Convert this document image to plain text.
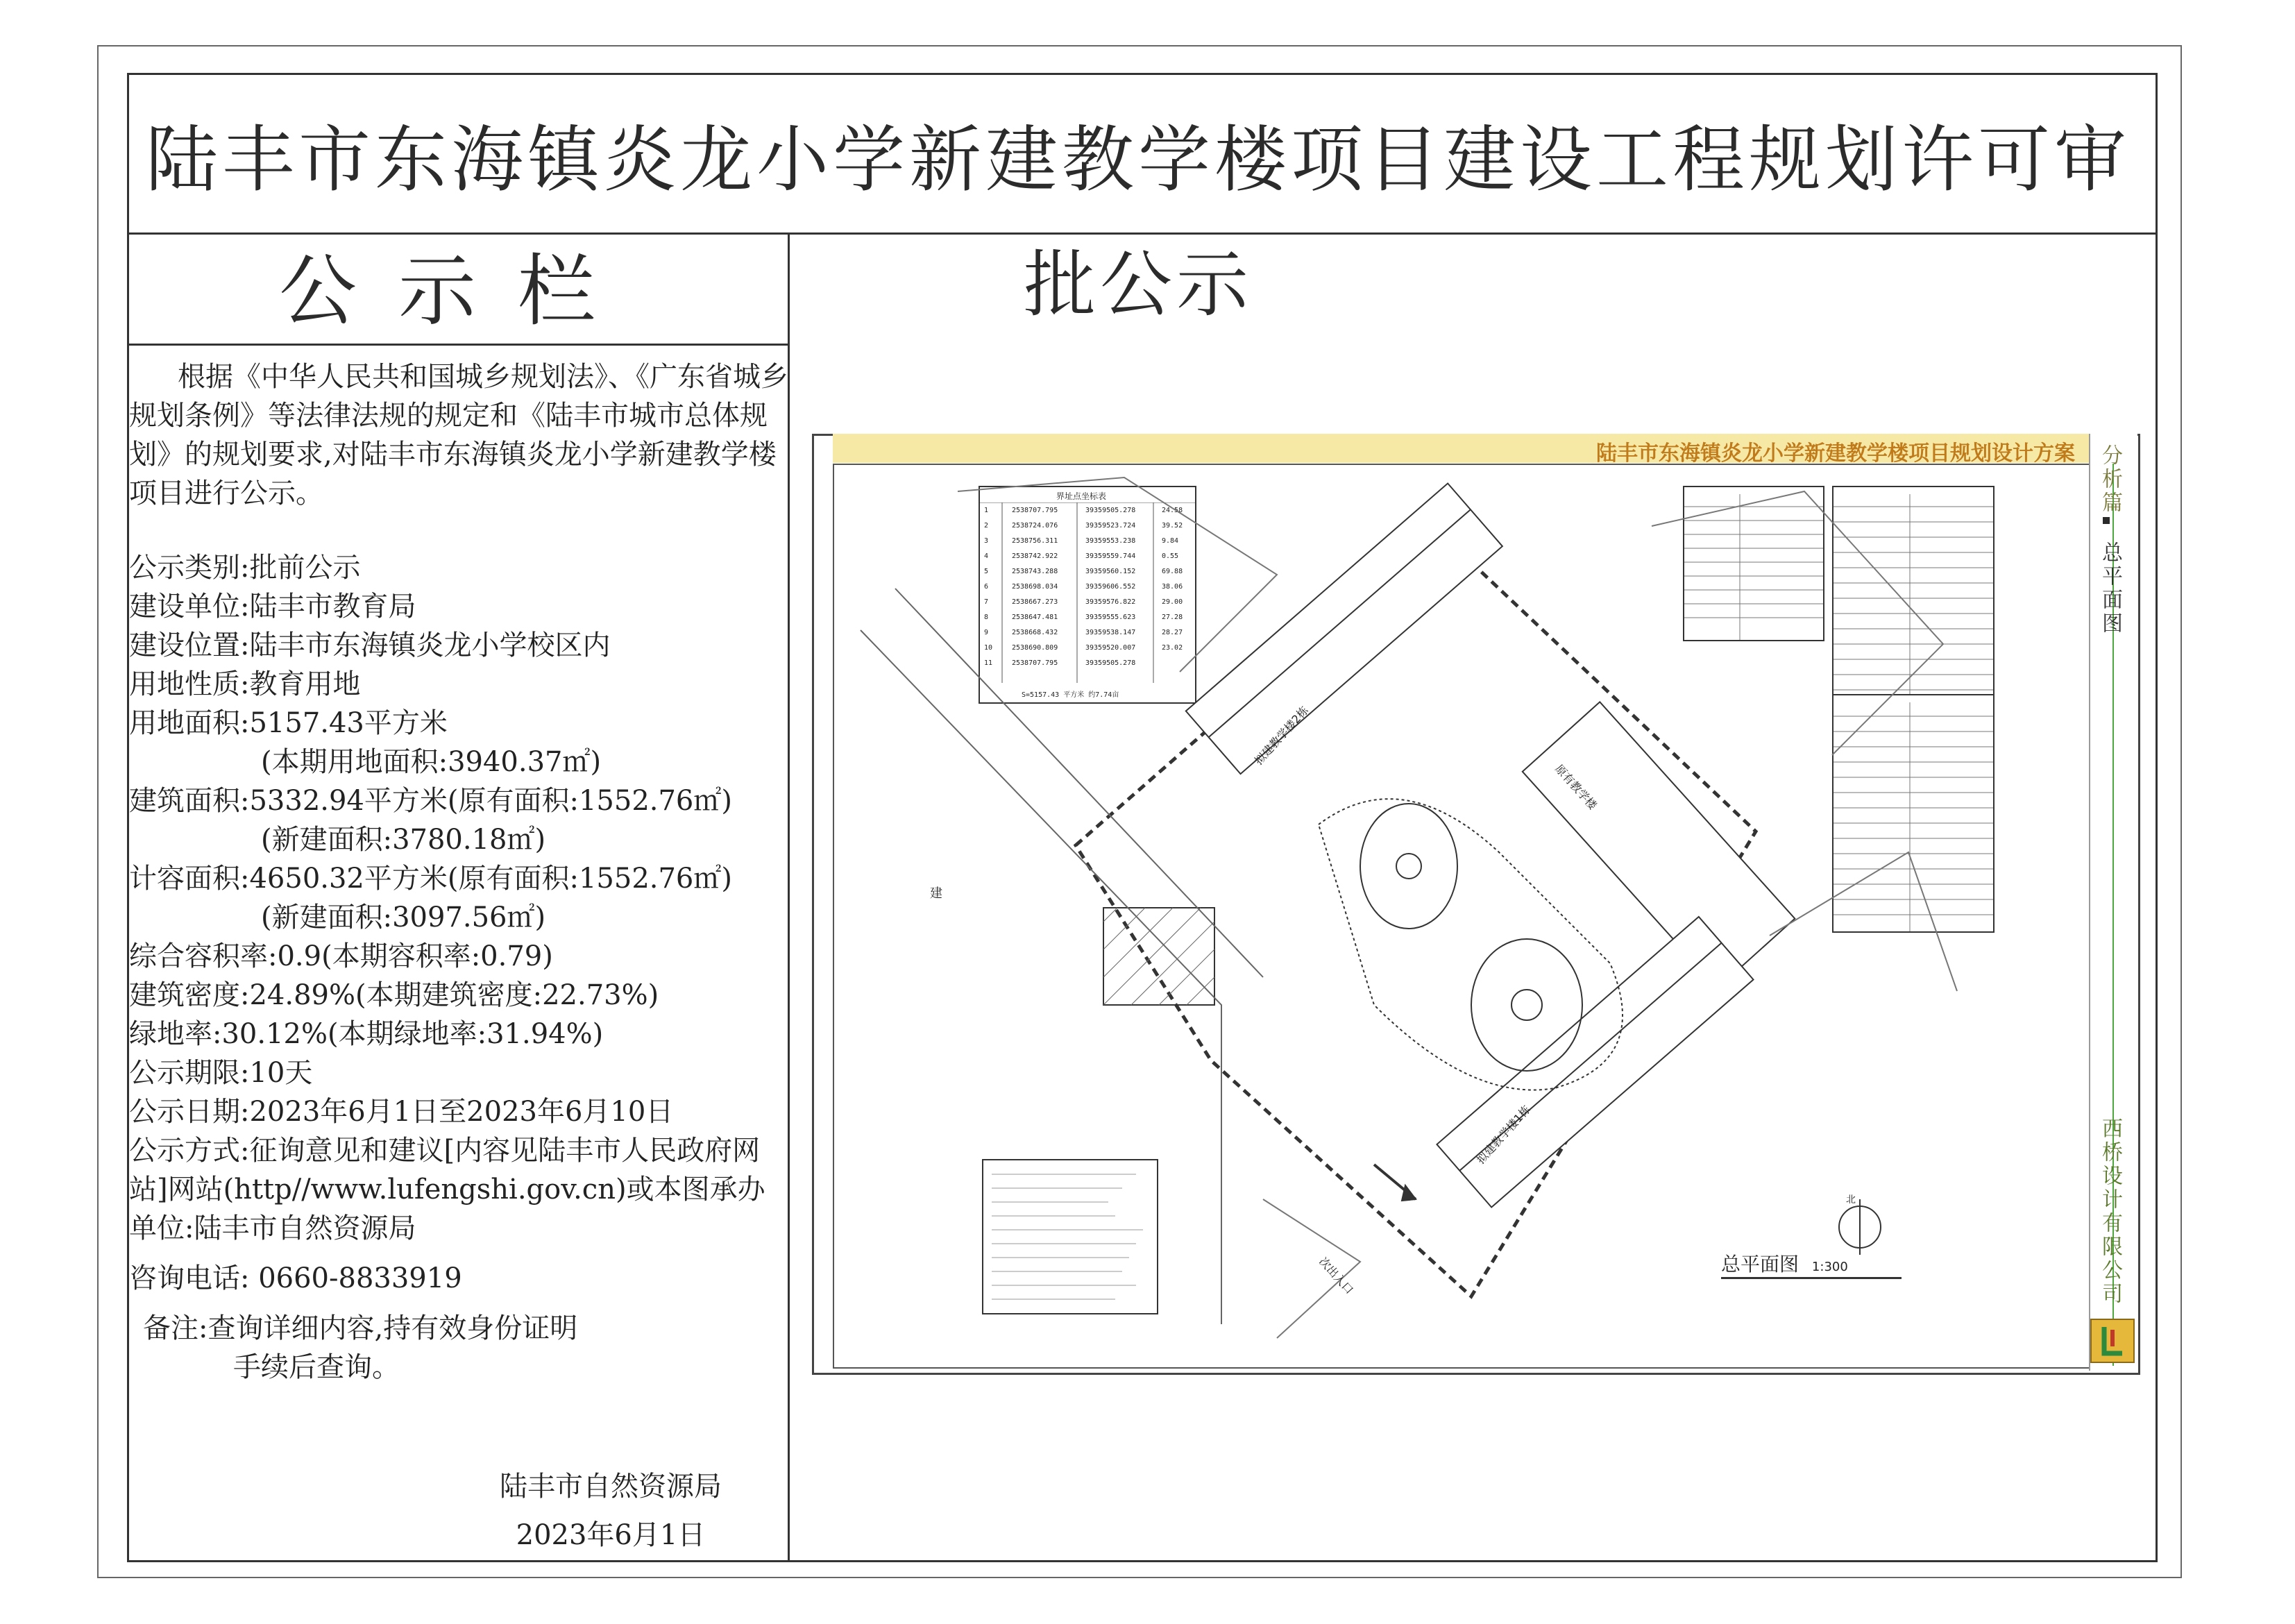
陆丰市东海镇炎龙小学新建教学楼项目建设工程规划许可审批公示
公示栏
根据《中华人民共和国城乡规划法》、《广东省城乡规划条例》等法律法规的规定和《陆丰市城市总体规划》的规划要求,对陆丰市东海镇炎龙小学新建教学楼项目进行公示。
公示类别:批前公示
建设单位:陆丰市教育局
建设位置:陆丰市东海镇炎龙小学校区内
用地性质:教育用地
用地面积:5157.43平方米
(本期用地面积:3940.37㎡)
建筑面积:5332.94平方米(原有面积:1552.76㎡)
(新建面积:3780.18㎡)
计容面积:4650.32平方米(原有面积:1552.76㎡)
(新建面积:3097.56㎡)
综合容积率:0.9(本期容积率:0.79)
建筑密度:24.89%(本期建筑密度:22.73%)
绿地率:30.12%(本期绿地率:31.94%)
公示期限:10天
公示日期:2023年6月1日至2023年6月10日
公示方式:征询意见和建议[内容见陆丰市人民政府网站]网站(http//www.lufengshi.gov.cn)或本图承办单位:陆丰市自然资源局
咨询电话: 0660-8833919
备注:查询详细内容,持有效身份证明
手续后查询。
陆丰市自然资源局
2023年6月1日
陆丰市东海镇炎龙小学新建教学楼项目规划设计方案 分析篇
总平面图
西桥设计有限公司
界址点坐标表
1	2538707.795	39359505.278	24.58
2	2538724.076	39359523.724	39.52
3	2538756.311	39359553.238	9.84
4	2538742.922	39359559.744	0.55
5	2538743.288	39359560.152	69.88
6	2538698.034	39359606.552	38.06
7	2538667.273	39359576.822	29.00
8	2538647.481	39359555.623	27.28
9	2538668.432	39359538.147	28.27
10	2538690.809	39359520.007	23.02
11	2538707.795	39359505.278
S=5157.43 平方米 约7.74亩
拟建教学楼2栋
原有教学楼
拟建教学楼1栋
次出入口
建
北
总平面图 1:300
